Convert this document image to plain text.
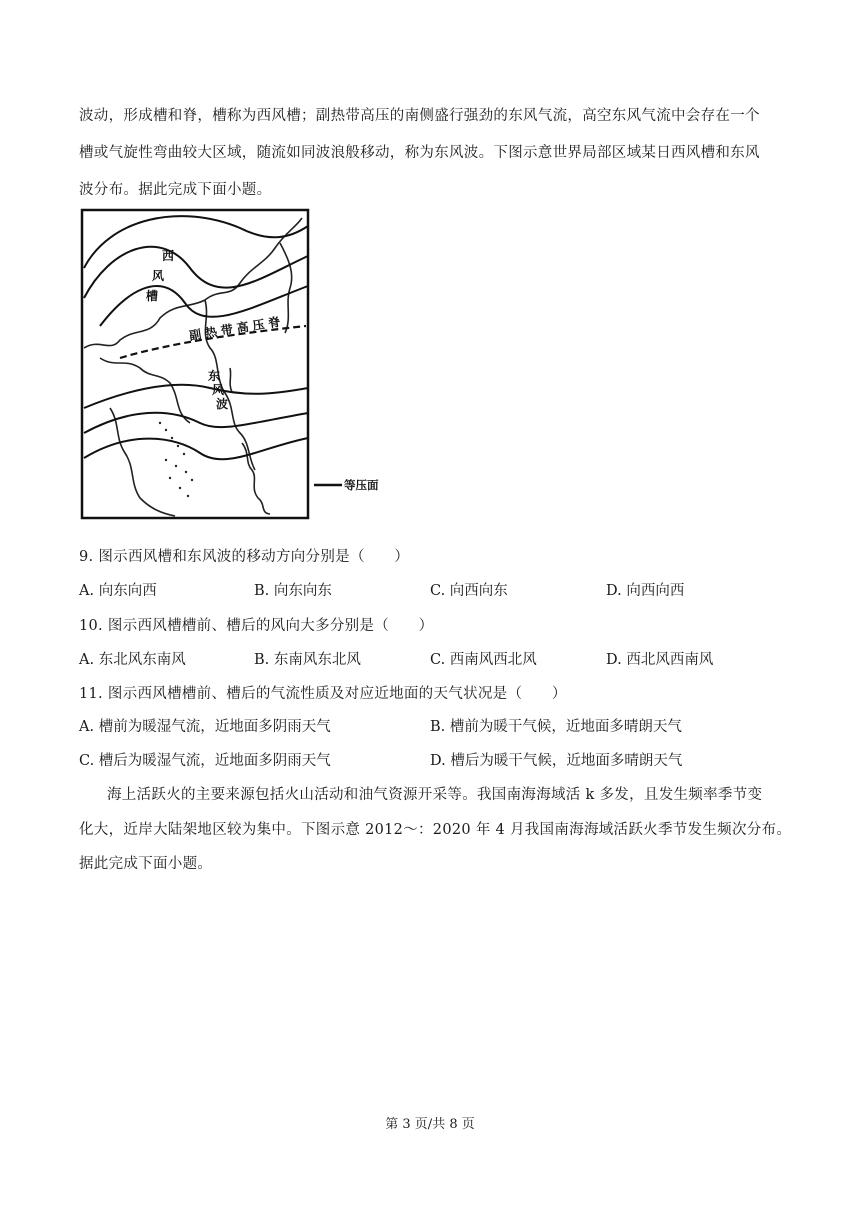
波动，形成槽和脊，槽称为西风槽；副热带高压的南侧盛行强劲的东风气流，高空东风气流中会存在一个
槽或气旋性弯曲较大区域，随流如同波浪般移动，称为东风波。下图示意世界局部区域某日西风槽和东风
波分布。据此完成下面小题。
西
风
槽
副热带高压脊
东
风
波
等压面
9. 图示西风槽和东风波的移动方向分别是（　　）
A. 向东向西	B. 向东向东	C. 向西向东	D. 向西向西
10. 图示西风槽槽前、槽后的风向大多分别是（　　）
A. 东北风东南风	B. 东南风东北风	C. 西南风西北风	D. 西北风西南风
11. 图示西风槽槽前、槽后的气流性质及对应近地面的天气状况是（　　）
A. 槽前为暖湿气流，近地面多阴雨天气	B. 槽前为暖干气候，近地面多晴朗天气
C. 槽后为暖湿气流，近地面多阴雨天气	D. 槽后为暖干气候，近地面多晴朗天气
海上活跃火的主要来源包括火山活动和油气资源开采等。我国南海海域活 k 多发，且发生频率季节变
化大，近岸大陆架地区较为集中。下图示意 2012～：2020 年 4 月我国南海海域活跃火季节发生频次分布。
据此完成下面小题。
第 3 页/共 8 页
